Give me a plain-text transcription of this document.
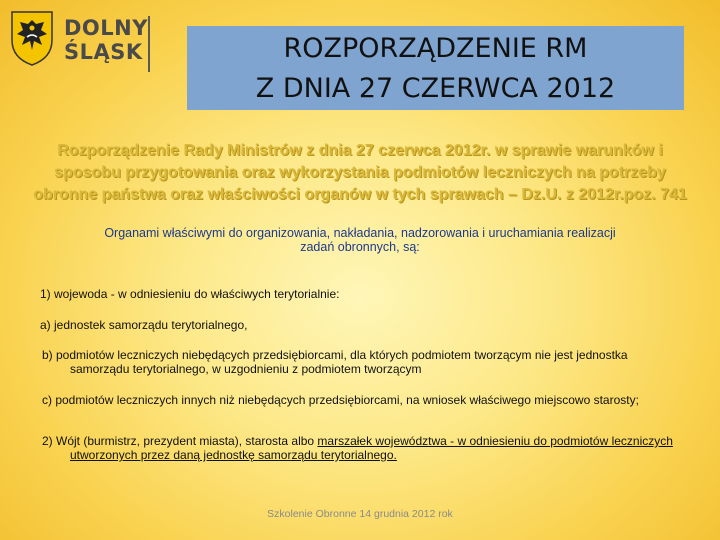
DOLNY
ŚLĄSK	ROZPORZĄDZENIE RM
Z DNIA 27 CZERWCA 2012
Rozporządzenie Rady Ministrów z dnia 27 czerwca 2012r. w sprawie warunków i sposobu przygotowania oraz wykorzystania podmiotów leczniczych na potrzeby obronne państwa oraz właściwości organów w tych sprawach – Dz.U. z 2012r.poz. 741
Organami właściwymi do organizowania, nakładania, nadzorowania i uruchamiania realizacji zadań obronnych, są:

1) wojewoda - w odniesieniu do właściwych terytorialnie:

a) jednostek samorządu terytorialnego,

b) podmiotów leczniczych niebędących przedsiębiorcami, dla których podmiotem tworzącym nie jest jednostka samorządu terytorialnego, w uzgodnieniu z podmiotem tworzącym

c) podmiotów leczniczych innych niż niebędących przedsiębiorcami, na wniosek właściwego miejscowo starosty;

2) Wójt (burmistrz, prezydent miasta), starosta albo marszałek województwa - w odniesieniu do podmiotów leczniczych utworzonych przez daną jednostkę samorządu terytorialnego.

Szkolenie Obronne 14 grudnia 2012 rok
